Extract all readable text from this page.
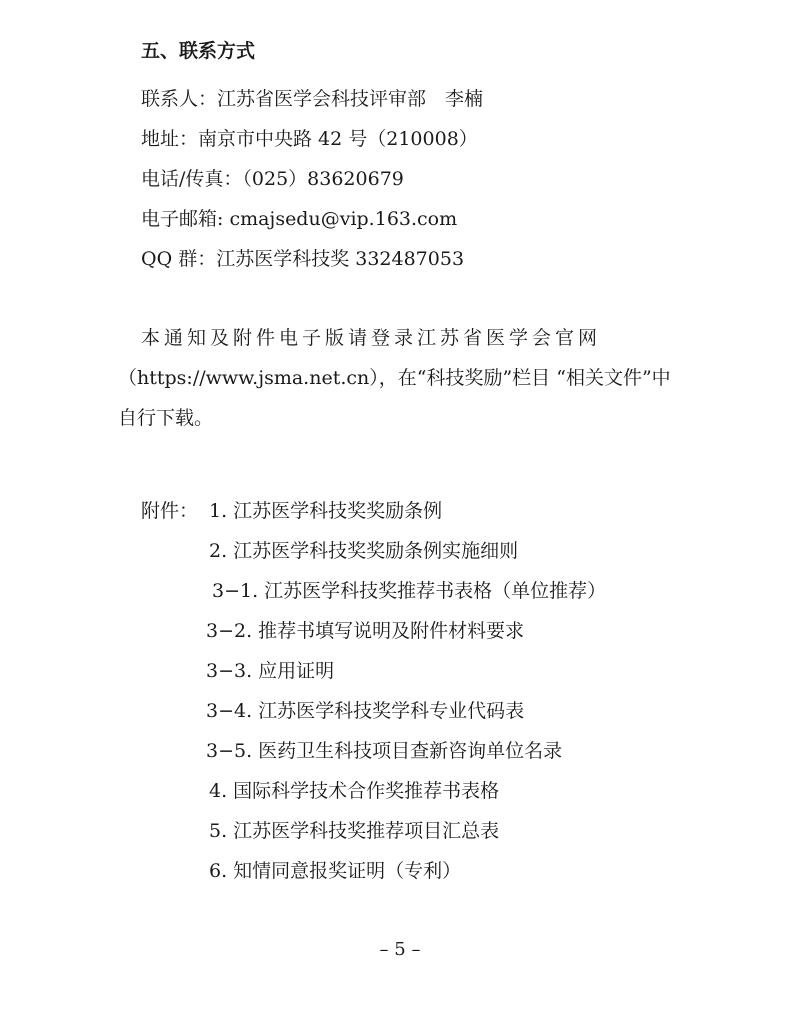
五、联系方式
联系人：江苏省医学会科技评审部　李楠
地址：南京市中央路 42 号（210008）
电话/传真：（025）83620679
电子邮箱: cmajsedu@vip.163.com
QQ 群：江苏医学科技奖 332487053
本通知及附件电子版请登录江苏省医学会官网
（https://www.jsma.net.cn），在“科技奖励”栏目 “相关文件”中
自行下载。
附件： 1. 江苏医学科技奖奖励条例
2. 江苏医学科技奖奖励条例实施细则
3−1. 江苏医学科技奖推荐书表格（单位推荐）
3−2. 推荐书填写说明及附件材料要求
3−3. 应用证明
3−4. 江苏医学科技奖学科专业代码表
3−5. 医药卫生科技项目查新咨询单位名录
4. 国际科学技术合作奖推荐书表格
5. 江苏医学科技奖推荐项目汇总表
6. 知情同意报奖证明（专利）
– 5 –
